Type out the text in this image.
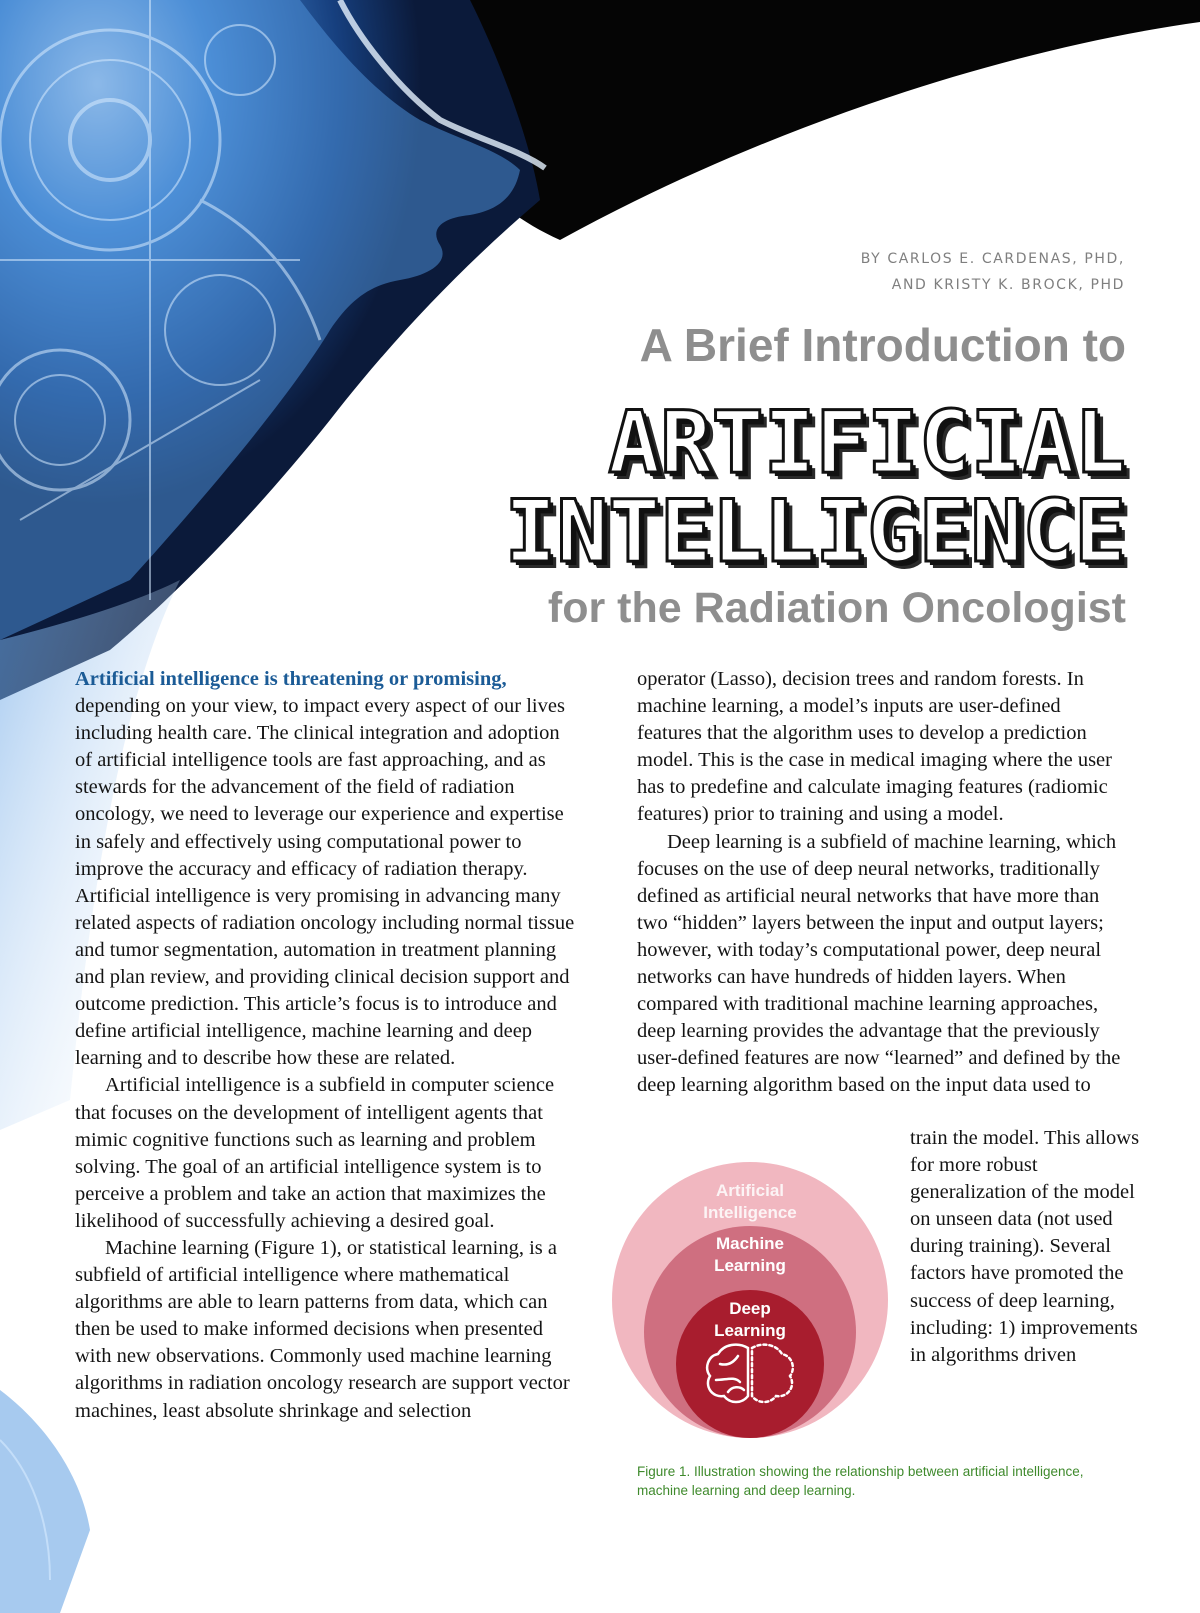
BY CARLOS E. CARDENAS, PHD,
AND KRISTY K. BROCK, PHD
A Brief Introduction to
ARTIFICIAL
INTELLIGENCE
for the Radiation Oncologist

Artificial intelligence is threatening or promising, depending on your view, to impact every aspect of our lives including health care. The clinical integration and adoption of artificial intelligence tools are fast approaching, and as stewards for the advancement of the field of radiation oncology, we need to leverage our experience and expertise in safely and effectively using computational power to improve the accuracy and efficacy of radiation therapy. Artificial intelligence is very promising in advancing many related aspects of radiation oncology including normal tissue and tumor segmentation, automation in treatment planning and plan review, and providing clinical decision support and outcome prediction. This article’s focus is to introduce and define artificial intelligence, machine learning and deep learning and to describe how these are related.

Artificial intelligence is a subfield in computer science that focuses on the development of intelligent agents that mimic cognitive functions such as learning and problem solving. The goal of an artificial intelligence system is to perceive a problem and take an action that maximizes the likelihood of successfully achieving a desired goal.

Machine learning (Figure 1), or statistical learning, is a subfield of artificial intelligence where mathematical algorithms are able to learn patterns from data, which can then be used to make informed decisions when presented with new observations. Commonly used machine learning algorithms in radiation oncology research are support vector machines, least absolute shrinkage and selection

operator (Lasso), decision trees and random forests. In machine learning, a model’s inputs are user-defined features that the algorithm uses to develop a prediction model. This is the case in medical imaging where the user has to predefine and calculate imaging features (radiomic features) prior to training and using a model.

Deep learning is a subfield of machine learning, which focuses on the use of deep neural networks, traditionally defined as artificial neural networks that have more than two “hidden” layers between the input and output layers; however, with today’s computational power, deep neural networks can have hundreds of hidden layers. When compared with traditional machine learning approaches, deep learning provides the advantage that the previously user-defined features are now “learned” and defined by the deep learning algorithm based on the input data used to

train the model. This allows for more robust generalization of the model on unseen data (not used during training). Several factors have promoted the success of deep learning, including: 1) improvements in algorithms driven
Artificial
Intelligence
Machine
Learning
Deep
Learning
Figure 1. Illustration showing the relationship between artificial intelligence, machine learning and deep learning.
